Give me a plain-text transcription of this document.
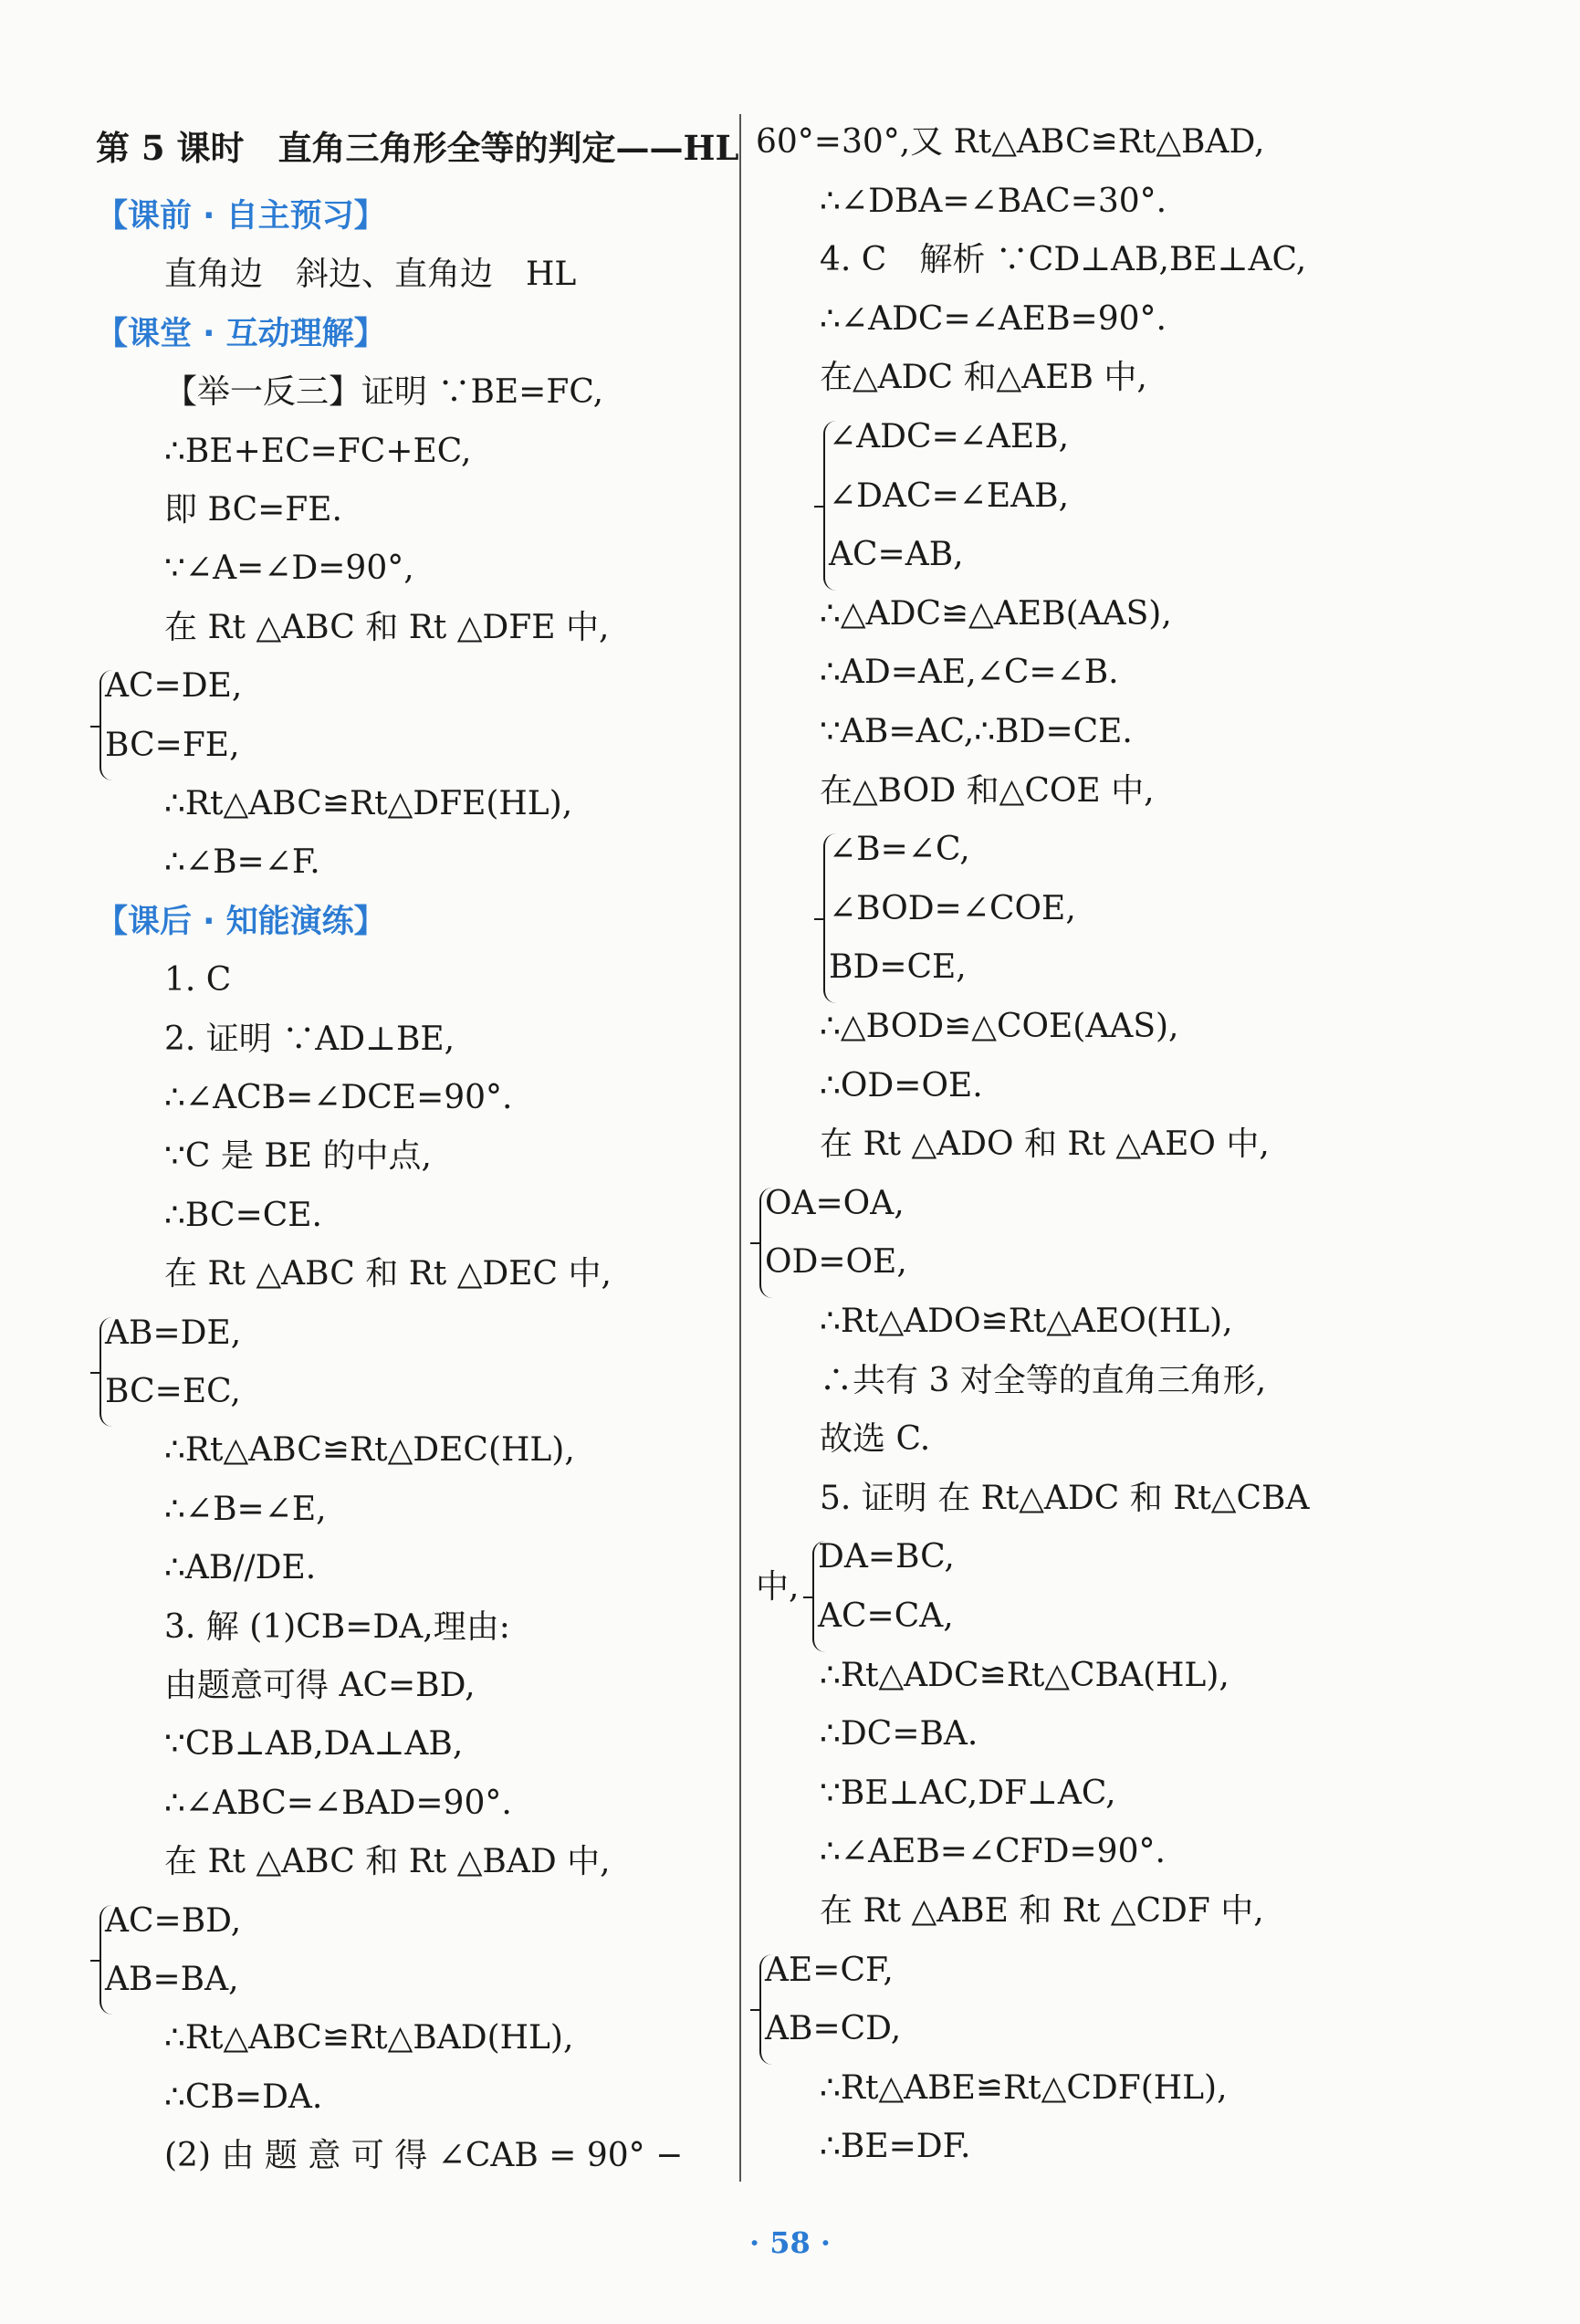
第 5 课时　直角三角形全等的判定——HL
【课前 · 自主预习】
直角边　斜边、直角边　HL
【课堂 · 互动理解】
【举一反三】证明 ∵BE=FC,
∴BE+EC=FC+EC,
即 BC=FE.
∵∠A=∠D=90°,
在 Rt △ABC 和 Rt △DFE 中,
AC=DE,
BC=FE,
∴Rt△ABC≌Rt△DFE(HL),
∴∠B=∠F.
【课后 · 知能演练】
1. C
2. 证明 ∵AD⊥BE,
∴∠ACB=∠DCE=90°.
∵C 是 BE 的中点,
∴BC=CE.
在 Rt △ABC 和 Rt △DEC 中,
AB=DE,
BC=EC,
∴Rt△ABC≌Rt△DEC(HL),
∴∠B=∠E,
∴AB//DE.
3. 解 (1)CB=DA,理由:
由题意可得 AC=BD,
∵CB⊥AB,DA⊥AB,
∴∠ABC=∠BAD=90°.
在 Rt △ABC 和 Rt △BAD 中,
AC=BD,
AB=BA,
∴Rt△ABC≌Rt△BAD(HL),
∴CB=DA.
(2) 由 题 意 可 得 ∠CAB = 90° −
60°=30°,又 Rt△ABC≌Rt△BAD,
∴∠DBA=∠BAC=30°.
4. C　解析 ∵CD⊥AB,BE⊥AC,
∴∠ADC=∠AEB=90°.
在△ADC 和△AEB 中,
∠ADC=∠AEB,
∠DAC=∠EAB,
AC=AB,
∴△ADC≌△AEB(AAS),
∴AD=AE,∠C=∠B.
∵AB=AC,∴BD=CE.
在△BOD 和△COE 中,
∠B=∠C,
∠BOD=∠COE,
BD=CE,
∴△BOD≌△COE(AAS),
∴OD=OE.
在 Rt △ADO 和 Rt △AEO 中,
OA=OA,
OD=OE,
∴Rt△ADO≌Rt△AEO(HL),
∴共有 3 对全等的直角三角形,
故选 C.
5. 证明 在 Rt△ADC 和 Rt△CBA
中,
DA=BC,
AC=CA,
∴Rt△ADC≌Rt△CBA(HL),
∴DC=BA.
∵BE⊥AC,DF⊥AC,
∴∠AEB=∠CFD=90°.
在 Rt △ABE 和 Rt △CDF 中,
AE=CF,
AB=CD,
∴Rt△ABE≌Rt△CDF(HL),
∴BE=DF.
· 58 ·
